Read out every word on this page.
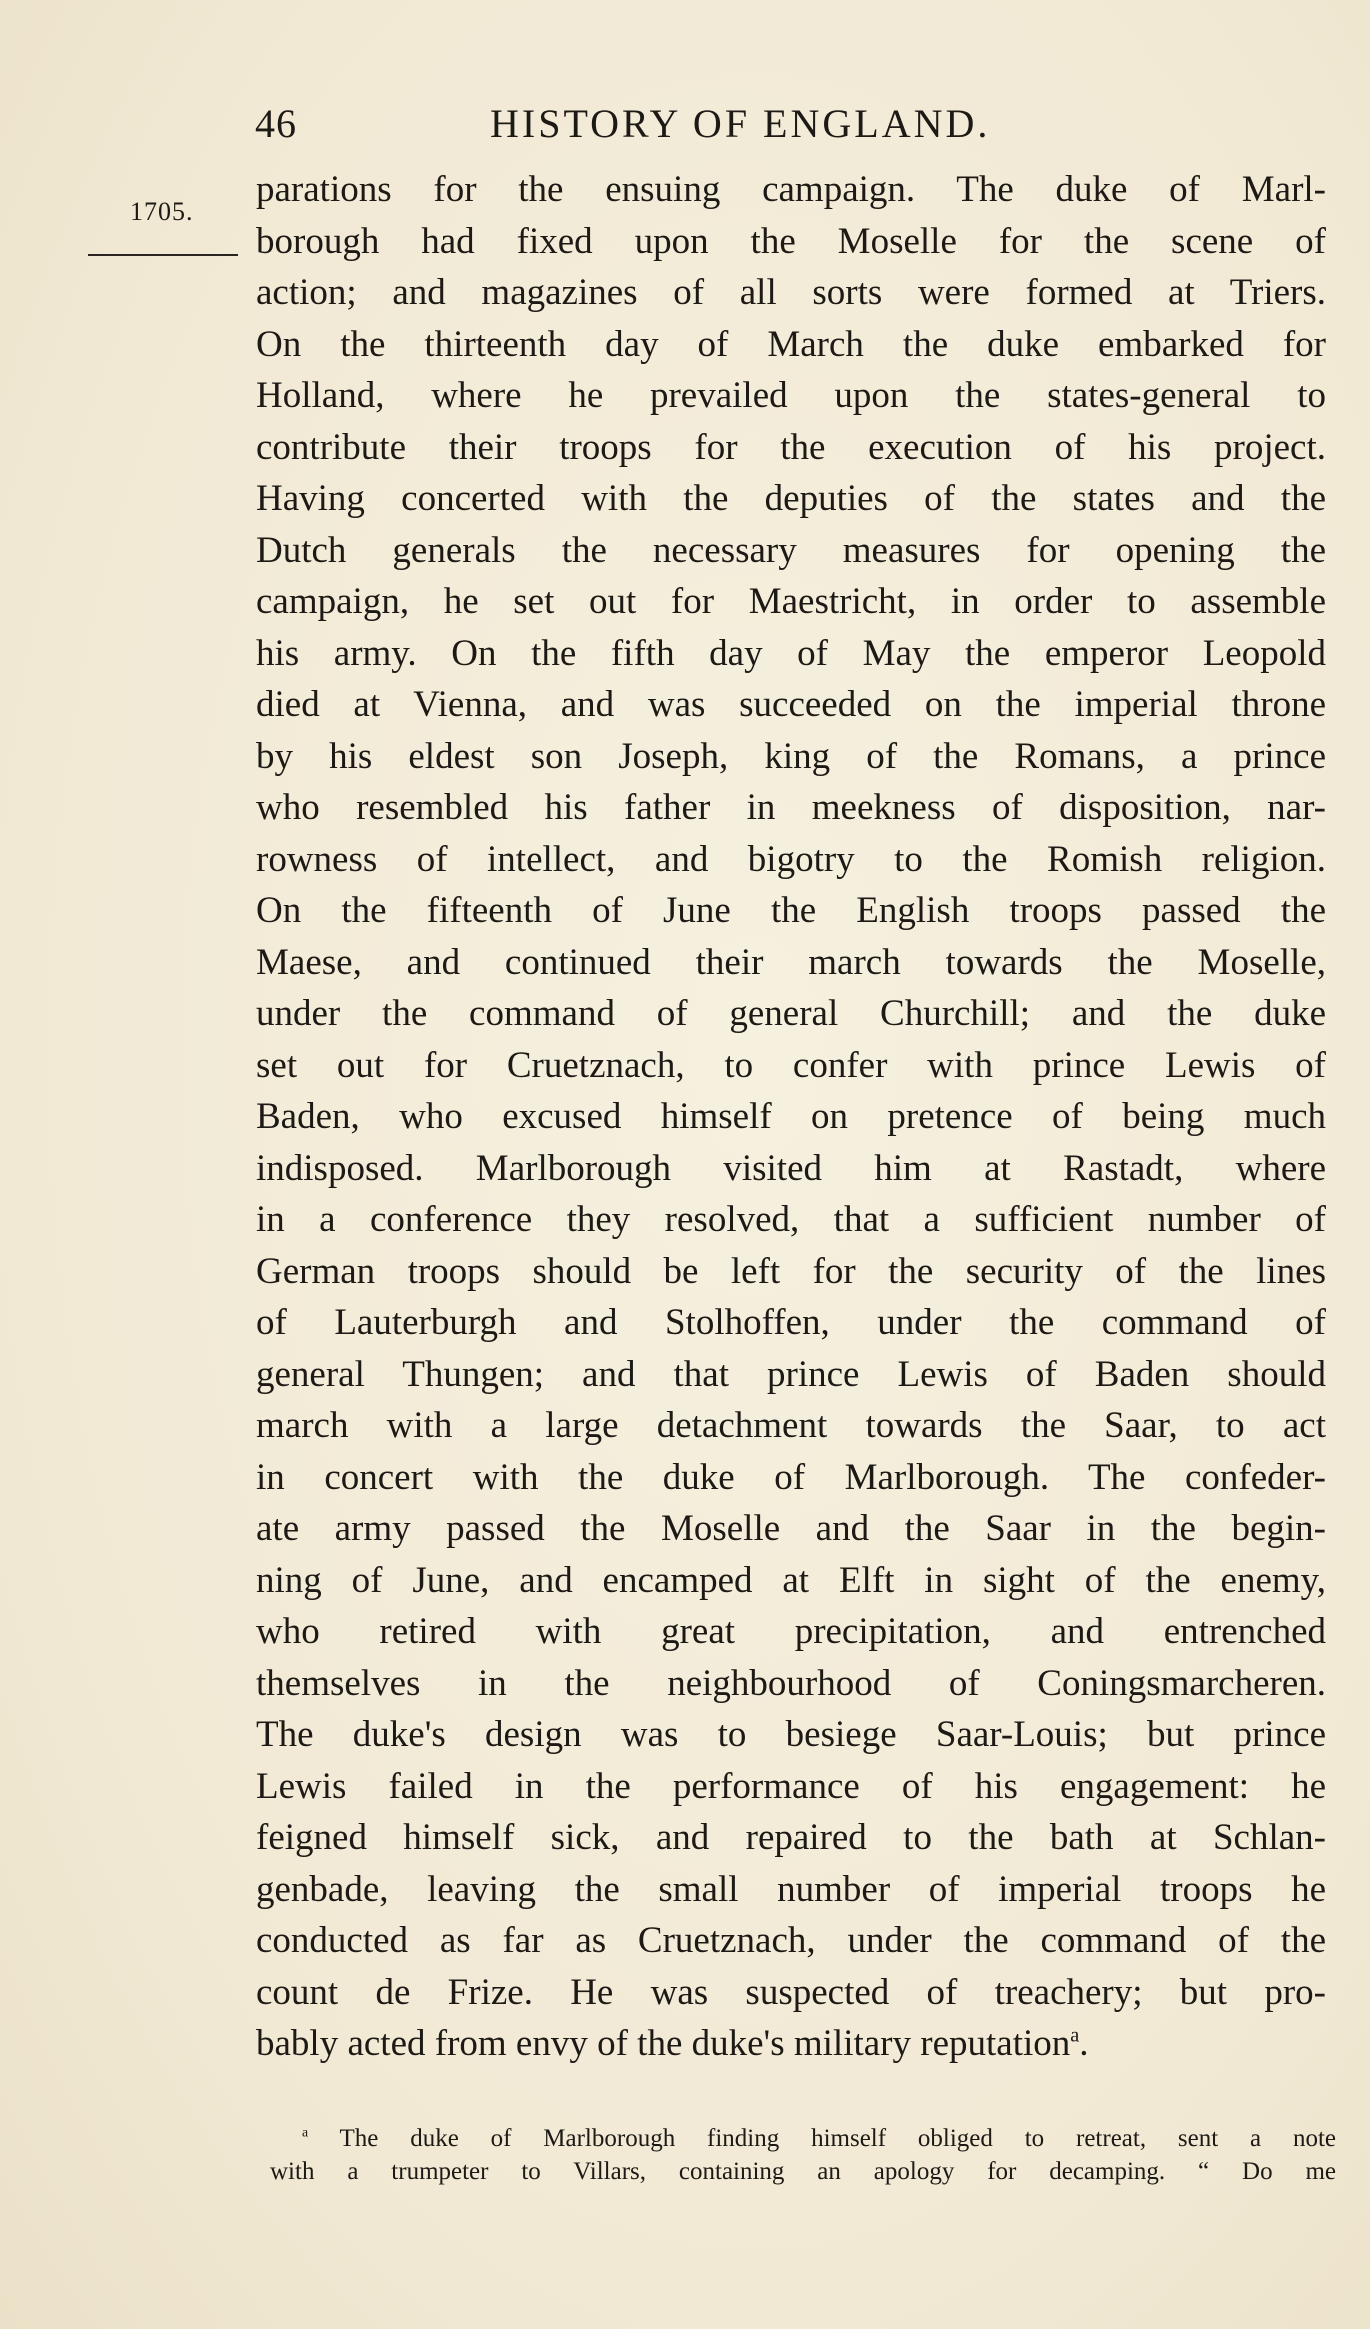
46	HISTORY OF ENGLAND.
1705.
parations for the ensuing campaign. The duke of Marl-
borough had fixed upon the Moselle for the scene of
action; and magazines of all sorts were formed at Triers.
On the thirteenth day of March the duke embarked for
Holland, where he prevailed upon the states-general to
contribute their troops for the execution of his project.
Having concerted with the deputies of the states and the
Dutch generals the necessary measures for opening the
campaign, he set out for Maestricht, in order to assemble
his army. On the fifth day of May the emperor Leopold
died at Vienna, and was succeeded on the imperial throne
by his eldest son Joseph, king of the Romans, a prince
who resembled his father in meekness of disposition, nar-
rowness of intellect, and bigotry to the Romish religion.
On the fifteenth of June the English troops passed the
Maese, and continued their march towards the Moselle,
under the command of general Churchill; and the duke
set out for Cruetznach, to confer with prince Lewis of
Baden, who excused himself on pretence of being much
indisposed. Marlborough visited him at Rastadt, where
in a conference they resolved, that a sufficient number of
German troops should be left for the security of the lines
of Lauterburgh and Stolhoffen, under the command of
general Thungen; and that prince Lewis of Baden should
march with a large detachment towards the Saar, to act
in concert with the duke of Marlborough. The confeder-
ate army passed the Moselle and the Saar in the begin-
ning of June, and encamped at Elft in sight of the enemy,
who retired with great precipitation, and entrenched
themselves in the neighbourhood of Coningsmarcheren.
The duke's design was to besiege Saar-Louis; but prince
Lewis failed in the performance of his engagement: he
feigned himself sick, and repaired to the bath at Schlan-
genbade, leaving the small number of imperial troops he
conducted as far as Cruetznach, under the command of the
count de Frize. He was suspected of treachery; but pro-
bably acted from envy of the duke's military reputation$^a$.
$^a$ The duke of Marlborough finding himself obliged to retreat, sent a note
with a trumpeter to Villars, containing an apology for decamping. “ Do me
